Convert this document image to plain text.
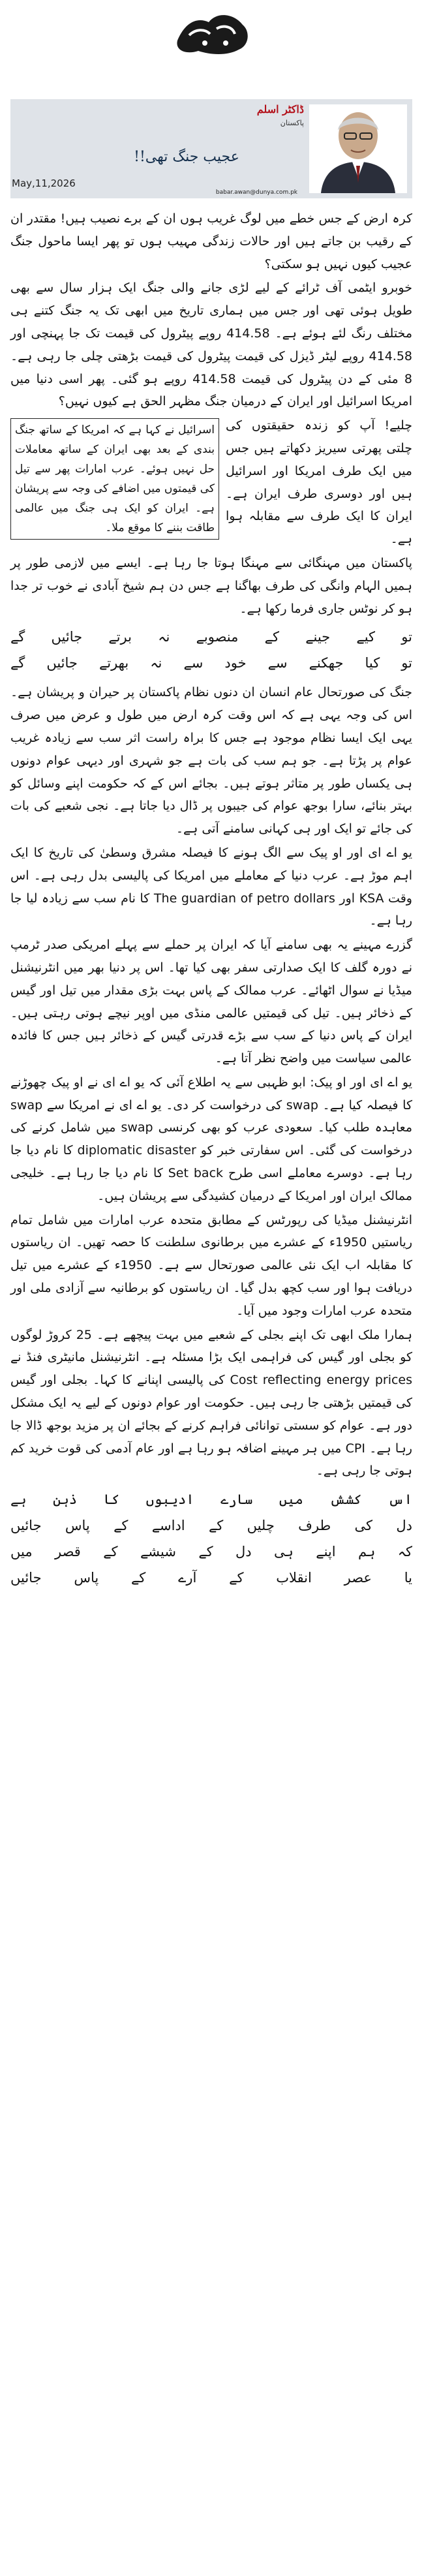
عجیب جنگ تھی!!
May,11,2026
ڈاکٹر اسلم
پاکستان
babar.awan@dunya.com.pk

کرہ ارض کے جس خطے میں لوگ غریب ہوں ان کے برے نصیب ہیں! مقتدر ان کے رقیب بن جاتے ہیں اور حالات زندگی مہیب ہوں تو پھر ایسا ماحول جنگ عجیب کیوں نہیں ہو سکتی؟

خوبرو ایٹمی آف ٹرائے کے لیے لڑی جانے والی جنگ ایک ہزار سال سے بھی طویل ہوئی تھی اور جس میں ہماری تاریخ میں ابھی تک یہ جنگ کتنے ہی مختلف رنگ لئے ہوئے ہے۔ 414.58 روپے پیٹرول کی قیمت تک جا پہنچی اور 414.58 روپے لیٹر ڈیزل کی قیمت پیٹرول کی قیمت بڑھتی چلی جا رہی ہے۔ 8 مئی کے دن پیٹرول کی قیمت 414.58 روپے ہو گئی۔ پھر اسی دنیا میں امریکا اسرائیل اور ایران کے درمیان جنگ مظہر الحق ہے کیوں نہیں؟

اسرائیل نے کہا ہے کہ امریکا کے ساتھ جنگ بندی کے بعد بھی ایران کے ساتھ معاملات حل نہیں ہوئے۔ عرب امارات پھر سے تیل کی قیمتوں میں اضافے کی وجہ سے پریشان ہے۔ ایران کو ایک ہی جنگ میں عالمی طاقت بننے کا موقع ملا۔

چلیے! آپ کو زندہ حقیقتوں کی چلتی پھرتی سیریز دکھاتے ہیں جس میں ایک طرف امریکا اور اسرائیل ہیں اور دوسری طرف ایران ہے۔ ایران کا ایک طرف سے مقابلہ ہوا ہے۔

پاکستان میں مہنگائی سے مہنگا ہوتا جا رہا ہے۔ ایسے میں لازمی طور پر ہمیں الہام وانگی کی طرف بھاگنا ہے جس دن ہم شیخ آبادی نے خوب تر جدا ہو کر نوٹس جاری فرما رکھا ہے۔

تو کیے جینے کے منصوبے نہ برتے جائیں گے
تو کیا جھکنے سے خود سے نہ بھرتے جائیں گے

جنگ کی صورتحال عام انسان ان دنوں نظام پاکستان پر حیران و پریشان ہے۔ اس کی وجہ یہی ہے کہ اس وقت کرہ ارض میں طول و عرض میں صرف یہی ایک ایسا نظام موجود ہے جس کا براہ راست اثر سب سے زیادہ غریب عوام پر پڑتا ہے۔ جو ہم سب کی بات ہے جو شہری اور دیہی عوام دونوں ہی یکساں طور پر متاثر ہوتے ہیں۔ بجائے اس کے کہ حکومت اپنے وسائل کو بہتر بنائے، سارا بوجھ عوام کی جیبوں پر ڈال دیا جاتا ہے۔ نجی شعبے کی بات کی جائے تو ایک اور ہی کہانی سامنے آتی ہے۔

یو اے ای اور او پیک سے الگ ہونے کا فیصلہ مشرق وسطیٰ کی تاریخ کا ایک اہم موڑ ہے۔ عرب دنیا کے معاملے میں امریکا کی پالیسی بدل رہی ہے۔ اس وقت KSA اور The guardian of petro dollars کا نام سب سے زیادہ لیا جا رہا ہے۔

گزرے مہینے یہ بھی سامنے آیا کہ ایران پر حملے سے پہلے امریکی صدر ٹرمپ نے دورہ گلف کا ایک صدارتی سفر بھی کیا تھا۔ اس پر دنیا بھر میں انٹرنیشنل میڈیا نے سوال اٹھائے۔ عرب ممالک کے پاس بہت بڑی مقدار میں تیل اور گیس کے ذخائر ہیں۔ تیل کی قیمتیں عالمی منڈی میں اوپر نیچے ہوتی رہتی ہیں۔ ایران کے پاس دنیا کے سب سے بڑے قدرتی گیس کے ذخائر ہیں جس کا فائدہ عالمی سیاست میں واضح نظر آتا ہے۔

یو اے ای اور او پیک: ابو ظہبی سے یہ اطلاع آئی کہ یو اے ای نے او پیک چھوڑنے کا فیصلہ کیا ہے۔ swap کی درخواست کر دی۔ یو اے ای نے امریکا سے swap معاہدہ طلب کیا۔ سعودی عرب کو بھی کرنسی swap میں شامل کرنے کی درخواست کی گئی۔ اس سفارتی خبر کو diplomatic disaster کا نام دیا جا رہا ہے۔ دوسرے معاملے اسی طرح Set back کا نام دیا جا رہا ہے۔ خلیجی ممالک ایران اور امریکا کے درمیان کشیدگی سے پریشان ہیں۔

انٹرنیشنل میڈیا کی رپورٹس کے مطابق متحدہ عرب امارات میں شامل تمام ریاستیں 1950ء کے عشرے میں برطانوی سلطنت کا حصہ تھیں۔ ان ریاستوں کا مقابلہ اب ایک نئی عالمی صورتحال سے ہے۔ 1950ء کے عشرے میں تیل دریافت ہوا اور سب کچھ بدل گیا۔ ان ریاستوں کو برطانیہ سے آزادی ملی اور متحدہ عرب امارات وجود میں آیا۔

ہمارا ملک ابھی تک اپنے بجلی کے شعبے میں بہت پیچھے ہے۔ 25 کروڑ لوگوں کو بجلی اور گیس کی فراہمی ایک بڑا مسئلہ ہے۔ انٹرنیشنل مانیٹری فنڈ نے Cost reflecting energy prices کی پالیسی اپنانے کا کہا۔ بجلی اور گیس کی قیمتیں بڑھتی جا رہی ہیں۔ حکومت اور عوام دونوں کے لیے یہ ایک مشکل دور ہے۔ عوام کو سستی توانائی فراہم کرنے کے بجائے ان پر مزید بوجھ ڈالا جا رہا ہے۔ CPI میں ہر مہینے اضافہ ہو رہا ہے اور عام آدمی کی قوت خرید کم ہوتی جا رہی ہے۔

اس کشش میں سارے ادیبوں کا ذہن ہے
دل کی طرف چلیں کے اداسے کے پاس جائیں
کہ ہم اپنے ہی دل کے شیشے کے قصر میں
یا عصر انقلاب کے آرے کے پاس جائیں
